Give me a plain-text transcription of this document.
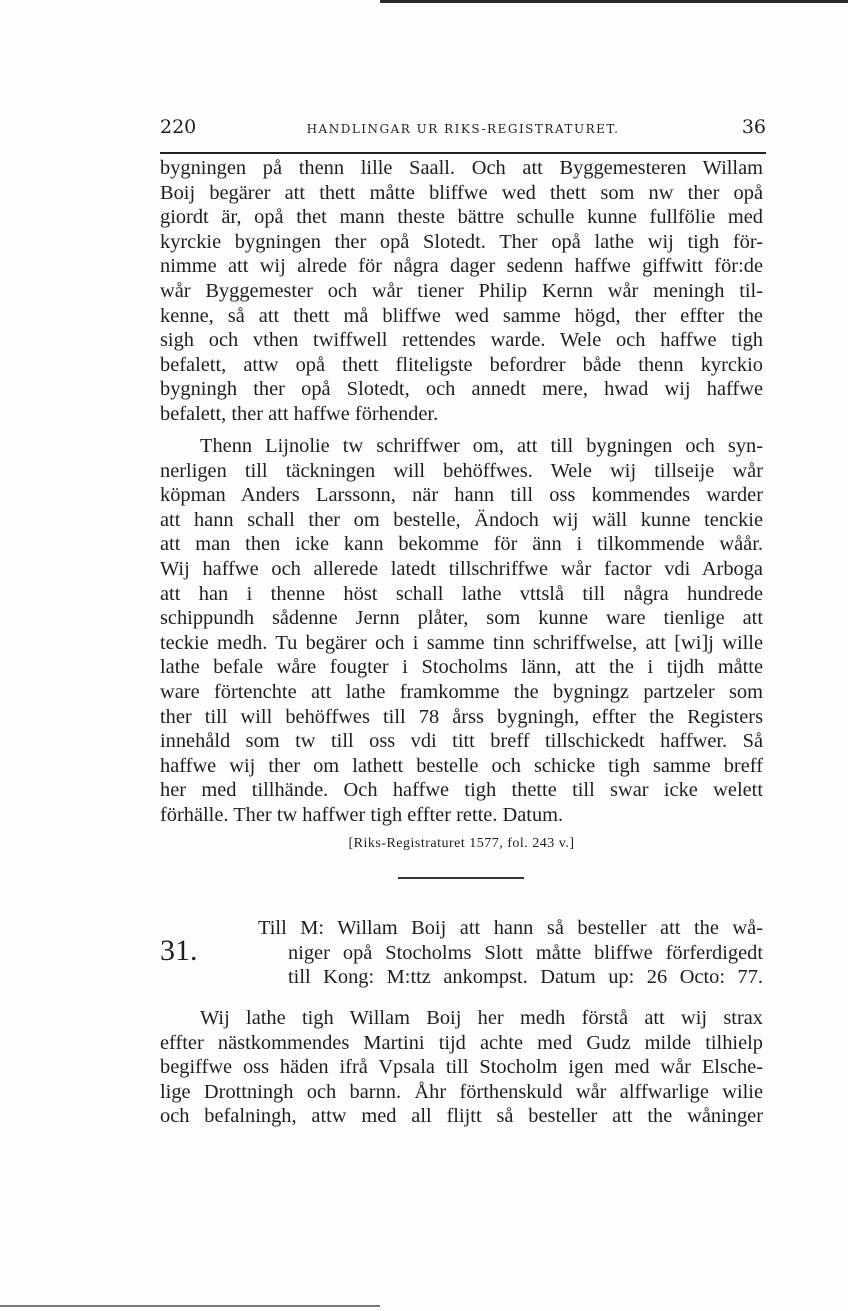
220	HANDLINGAR UR RIKS-REGISTRATURET.	36
bygningen på thenn lille Saall. Och att Byggemesteren Willam
Boij begärer att thett måtte bliffwe wed thett som nw ther opå
giordt är, opå thet mann theste bättre schulle kunne fullfölie med
kyrckie bygningen ther opå Slotedt. Ther opå lathe wij tigh för-
nimme att wij alrede för några dager sedenn haffwe giffwitt för:de
wår Byggemester och wår tiener Philip Kernn wår meningh til-
kenne, så att thett må bliffwe wed samme högd, ther effter the
sigh och vthen twiffwell rettendes warde. Wele och haffwe tigh
befalett, attw opå thett fliteligste befordrer både thenn kyrckio
bygningh ther opå Slotedt, och annedt mere, hwad wij haffwe
befalett, ther att haffwe förhender.
Thenn Lijnolie tw schriffwer om, att till bygningen och syn-
nerligen till täckningen will behöffwes. Wele wij tillseije wår
köpman Anders Larssonn, när hann till oss kommendes warder
att hann schall ther om bestelle, Ändoch wij wäll kunne tenckie
att man then icke kann bekomme för änn i tilkommende wåår.
Wij haffwe och allerede latedt tillschriffwe wår factor vdi Arboga
att han i thenne höst schall lathe vttslå till några hundrede
schippundh sådenne Jernn plåter, som kunne ware tienlige att
teckie medh. Tu begärer och i samme tinn schriffwelse, att [wi]j wille
lathe befale wåre fougter i Stocholms länn, att the i tijdh måtte
ware förtenchte att lathe framkomme the bygningz partzeler som
ther till will behöffwes till 78 årss bygningh, effter the Registers
innehåld som tw till oss vdi titt breff tillschickedt haffwer. Så
haffwe wij ther om lathett bestelle och schicke tigh samme breff
her med tillhände. Och haffwe tigh thette till swar icke welett
förhälle. Ther tw haffwer tigh effter rette. Datum.
[Riks-Registraturet 1577, fol. 243 v.]
31.
Till M: Willam Boij att hann så besteller att the wå-
niger opå Stocholms Slott måtte bliffwe förferdigedt
till Kong: M:ttz ankompst. Datum up: 26 Octo: 77.
Wij lathe tigh Willam Boij her medh förstå att wij strax
effter nästkommendes Martini tijd achte med Gudz milde tilhielp
begiffwe oss häden ifrå Vpsala till Stocholm igen med wår Elsche-
lige Drottningh och barnn. Åhr förthenskuld wår alffwarlige wilie
och befalningh, attw med all flijtt så besteller att the wåninger
